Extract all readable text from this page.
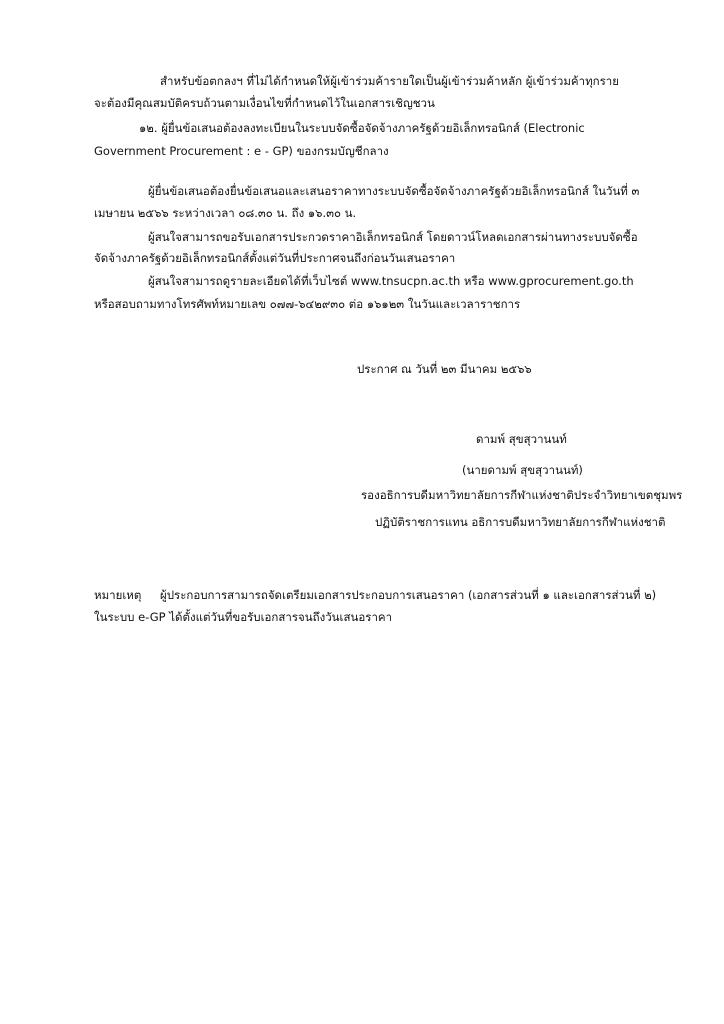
สำหรับข้อตกลงฯ ที่ไม่ได้กำหนดให้ผู้เข้าร่วมค้ารายใดเป็นผู้เข้าร่วมค้าหลัก ผู้เข้าร่วมค้าทุกราย
จะต้องมีคุณสมบัติครบถ้วนตามเงื่อนไขที่กำหนดไว้ในเอกสารเชิญชวน
๑๒. ผู้ยื่นข้อเสนอต้องลงทะเบียนในระบบจัดซื้อจัดจ้างภาครัฐด้วยอิเล็กทรอนิกส์ (Electronic
Government Procurement : e - GP) ของกรมบัญชีกลาง
ผู้ยื่นข้อเสนอต้องยื่นข้อเสนอและเสนอราคาทางระบบจัดซื้อจัดจ้างภาครัฐด้วยอิเล็กทรอนิกส์ ในวันที่ ๓
เมษายน ๒๕๖๖ ระหว่างเวลา ๐๘.๓๐ น. ถึง ๑๖.๓๐ น.
ผู้สนใจสามารถขอรับเอกสารประกวดราคาอิเล็กทรอนิกส์ โดยดาวน์โหลดเอกสารผ่านทางระบบจัดซื้อ
จัดจ้างภาครัฐด้วยอิเล็กทรอนิกส์ตั้งแต่วันที่ประกาศจนถึงก่อนวันเสนอราคา
ผู้สนใจสามารถดูรายละเอียดได้ที่เว็บไซต์ www.tnsucpn.ac.th หรือ www.gprocurement.go.th
หรือสอบถามทางโทรศัพท์หมายเลข ๐๗๗-๖๔๒๙๓๐ ต่อ ๑๖๑๒๓ ในวันและเวลาราชการ
ประกาศ ณ วันที่ ๒๓ มีนาคม ๒๕๖๖
ดามพ์ สุขสุวานนท์
(นายดามพ์ สุขสุวานนท์)
รองอธิการบดีมหาวิทยาลัยการกีฬาแห่งชาติประจำวิทยาเขตชุมพร
ปฏิบัติราชการแทน อธิการบดีมหาวิทยาลัยการกีฬาแห่งชาติ
หมายเหตุ ผู้ประกอบการสามารถจัดเตรียมเอกสารประกอบการเสนอราคา (เอกสารส่วนที่ ๑ และเอกสารส่วนที่ ๒)
ในระบบ e-GP ได้ตั้งแต่วันที่ขอรับเอกสารจนถึงวันเสนอราคา
